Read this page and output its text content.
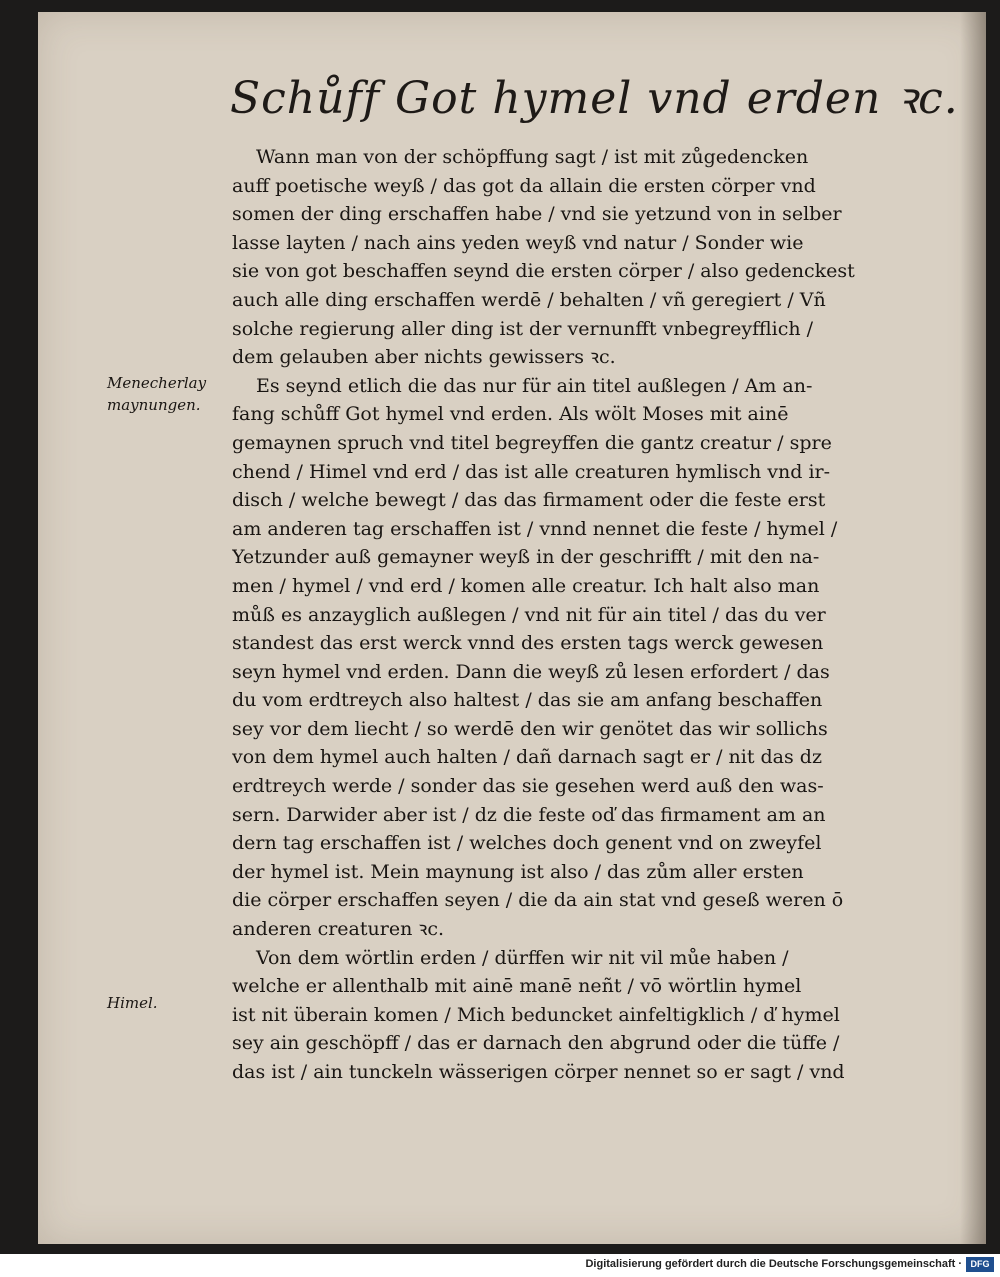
Schůff Got hymel vnd erden ꝛc.
Menecherlay
maynungen.
Himel.
Wann man von der schöpffung sagt / ist mit zůgedencken
auff poetische weyß / das got da allain die ersten cörper vnd
somen der ding erschaffen habe / vnd sie yetzund von in selber
lasse layten / nach ains yeden weyß vnd natur / Sonder wie
sie von got beschaffen seynd die ersten cörper / also gedenckest
auch alle ding erschaffen werdē / behalten / vñ geregiert / Vñ
solche regierung aller ding ist der vernunfft vnbegreyfflich /
dem gelauben aber nichts gewissers ꝛc.
Es seynd etlich die das nur für ain titel außlegen / Am an-
fang schůff Got hymel vnd erden. Als wölt Moses mit ainē
gemaynen spruch vnd titel begreyffen die gantz creatur / spre
chend / Himel vnd erd / das ist alle creaturen hymlisch vnd ir-
disch / welche bewegt / das das firmament oder die feste erst
am anderen tag erschaffen ist / vnnd nennet die feste / hymel /
Yetzunder auß gemayner weyß in der geschrifft / mit den na-
men / hymel / vnd erd / komen alle creatur. Ich halt also man
můß es anzayglich außlegen / vnd nit für ain titel / das du ver
standest das erst werck vnnd des ersten tags werck gewesen
seyn hymel vnd erden. Dann die weyß zů lesen erfordert / das
du vom erdtreych also haltest / das sie am anfang beschaffen
sey vor dem liecht / so werdē den wir genötet das wir sollichs
von dem hymel auch halten / dañ darnach sagt er / nit das dz
erdtreych werde / sonder das sie gesehen werd auß den was-
sern. Darwider aber ist / dz die feste oď das firmament am an
dern tag erschaffen ist / welches doch genent vnd on zweyfel
der hymel ist. Mein maynung ist also / das zům aller ersten
die cörper erschaffen seyen / die da ain stat vnd geseß weren ō
anderen creaturen ꝛc.
Von dem wörtlin erden / dürffen wir nit vil můe haben /
welche er allenthalb mit ainē manē neñt / vō wörtlin hymel
ist nit überain komen / Mich beduncket ainfeltigklich / ď hymel
sey ain geschöpff / das er darnach den abgrund oder die tüffe /
das ist / ain tunckeln wässerigen cörper nennet so er sagt / vnd
Digitalisierung gefördert durch die Deutsche Forschungsgemeinschaft · DFG
